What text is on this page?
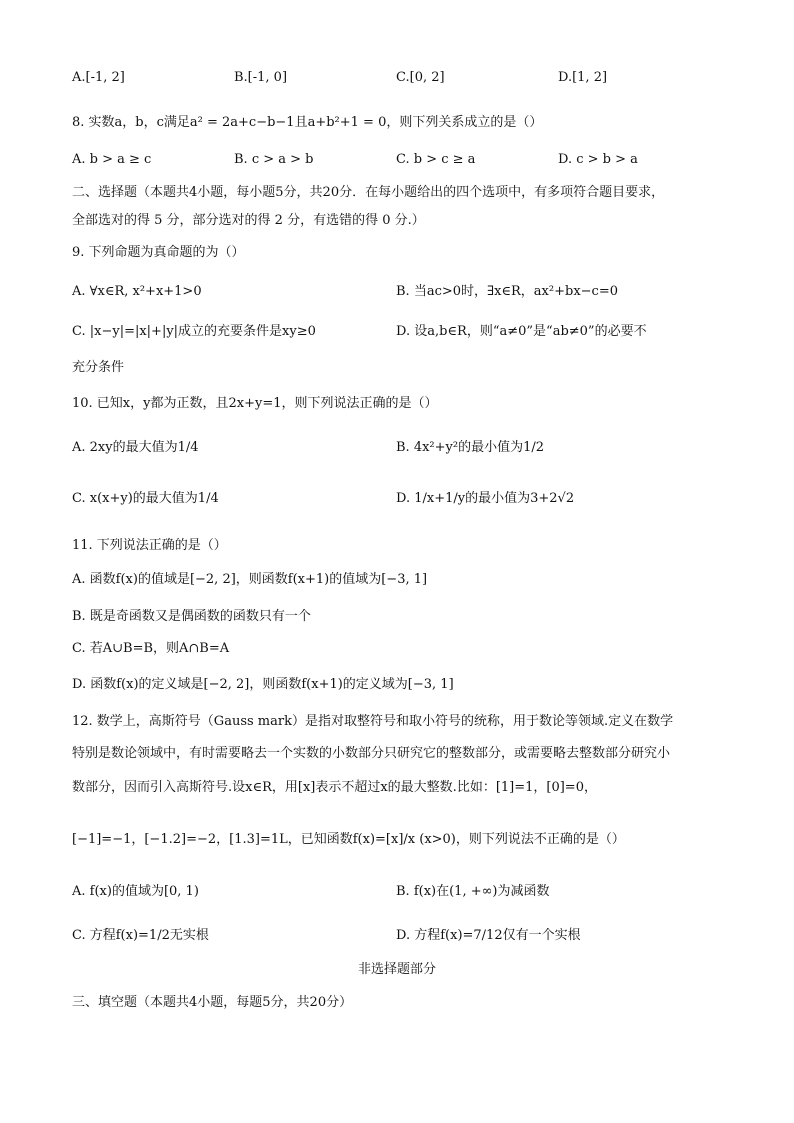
A.[-1, 2]	B.[-1, 0]	C.[0, 2]	D.[1, 2]
8. 实数a，b，c满足a² = 2a+c−b−1且a+b²+1 = 0，则下列关系成立的是（）
A. b > a ≥ c	B. c > a > b	C. b > c ≥ a	D. c > b > a
二、选择题（本题共4小题，每小题5分，共20分．在每小题给出的四个选项中，有多项符合题目要求，
全部选对的得 5 分，部分选对的得 2 分，有选错的得 0 分.）
9. 下列命题为真命题的为（）
A. ∀x∈R, x²+x+1>0	B. 当ac>0时，∃x∈R，ax²+bx−c=0
C. |x−y|=|x|+|y|成立的充要条件是xy≥0	D. 设a,b∈R，则“a≠0”是“ab≠0”的必要不
充分条件
10. 已知x，y都为正数，且2x+y=1，则下列说法正确的是（）
A. 2xy的最大值为1/4	B. 4x²+y²的最小值为1/2
C. x(x+y)的最大值为1/4	D. 1/x+1/y的最小值为3+2√2
11. 下列说法正确的是（）
A. 函数f(x)的值域是[−2, 2]，则函数f(x+1)的值域为[−3, 1]
B. 既是奇函数又是偶函数的函数只有一个
C. 若A∪B=B，则A∩B=A
D. 函数f(x)的定义域是[−2, 2]，则函数f(x+1)的定义域为[−3, 1]
12. 数学上，高斯符号（Gauss mark）是指对取整符号和取小符号的统称，用于数论等领域.定义在数学
特别是数论领域中，有时需要略去一个实数的小数部分只研究它的整数部分，或需要略去整数部分研究小
数部分，因而引入高斯符号.设x∈R，用[x]表示不超过x的最大整数.比如：[1]=1，[0]=0，
[−1]=−1，[−1.2]=−2，[1.3]=1L，已知函数f(x)=[x]/x (x>0)，则下列说法不正确的是（）
A. f(x)的值域为[0, 1)	B. f(x)在(1, +∞)为减函数
C. 方程f(x)=1/2无实根	D. 方程f(x)=7/12仅有一个实根
非选择题部分
三、填空题（本题共4小题，每题5分，共20分）
